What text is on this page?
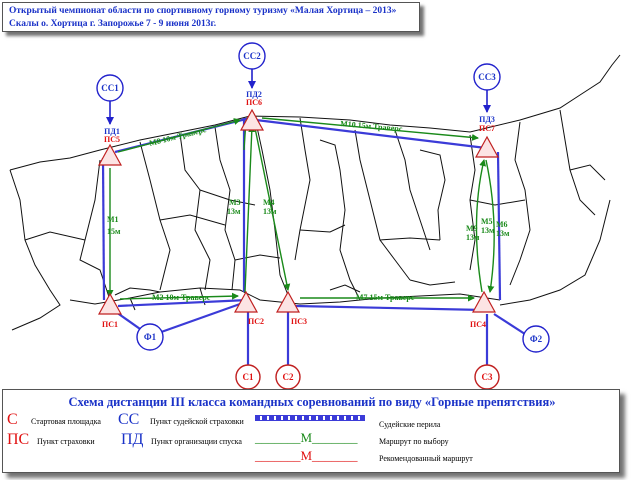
Открытый чемпионат области по спортивному горному туризму «Малая Хортица – 2013»
Скалы о. Хортица г. Запорожье 7 - 9 июня 2013г.
М1
15м
М2 10м Траверс
М3
13м
М4
13м
М5
13м
М6
13м
М9
13м
М7 15м Траверс
М8 10м Траверс	М10 15м Траверс
ПД1
ПС5
ПД2
ПС6
ПД3
ПС7
ПС1	ПС2	ПС3	ПС4
СС1
СС2
СС3
Ф1	Ф2
С1	С2	С3
Схема дистанции III класса командных соревнований по виду «Горные препятствия»
С Стартовая площадка СС Пункт судейской страховки	Судейские перила
ПС Пункт страховки ПД Пункт организации спуска _______М_______	Маршрут по выбору
_______М_______	Рекомендованный маршрут
